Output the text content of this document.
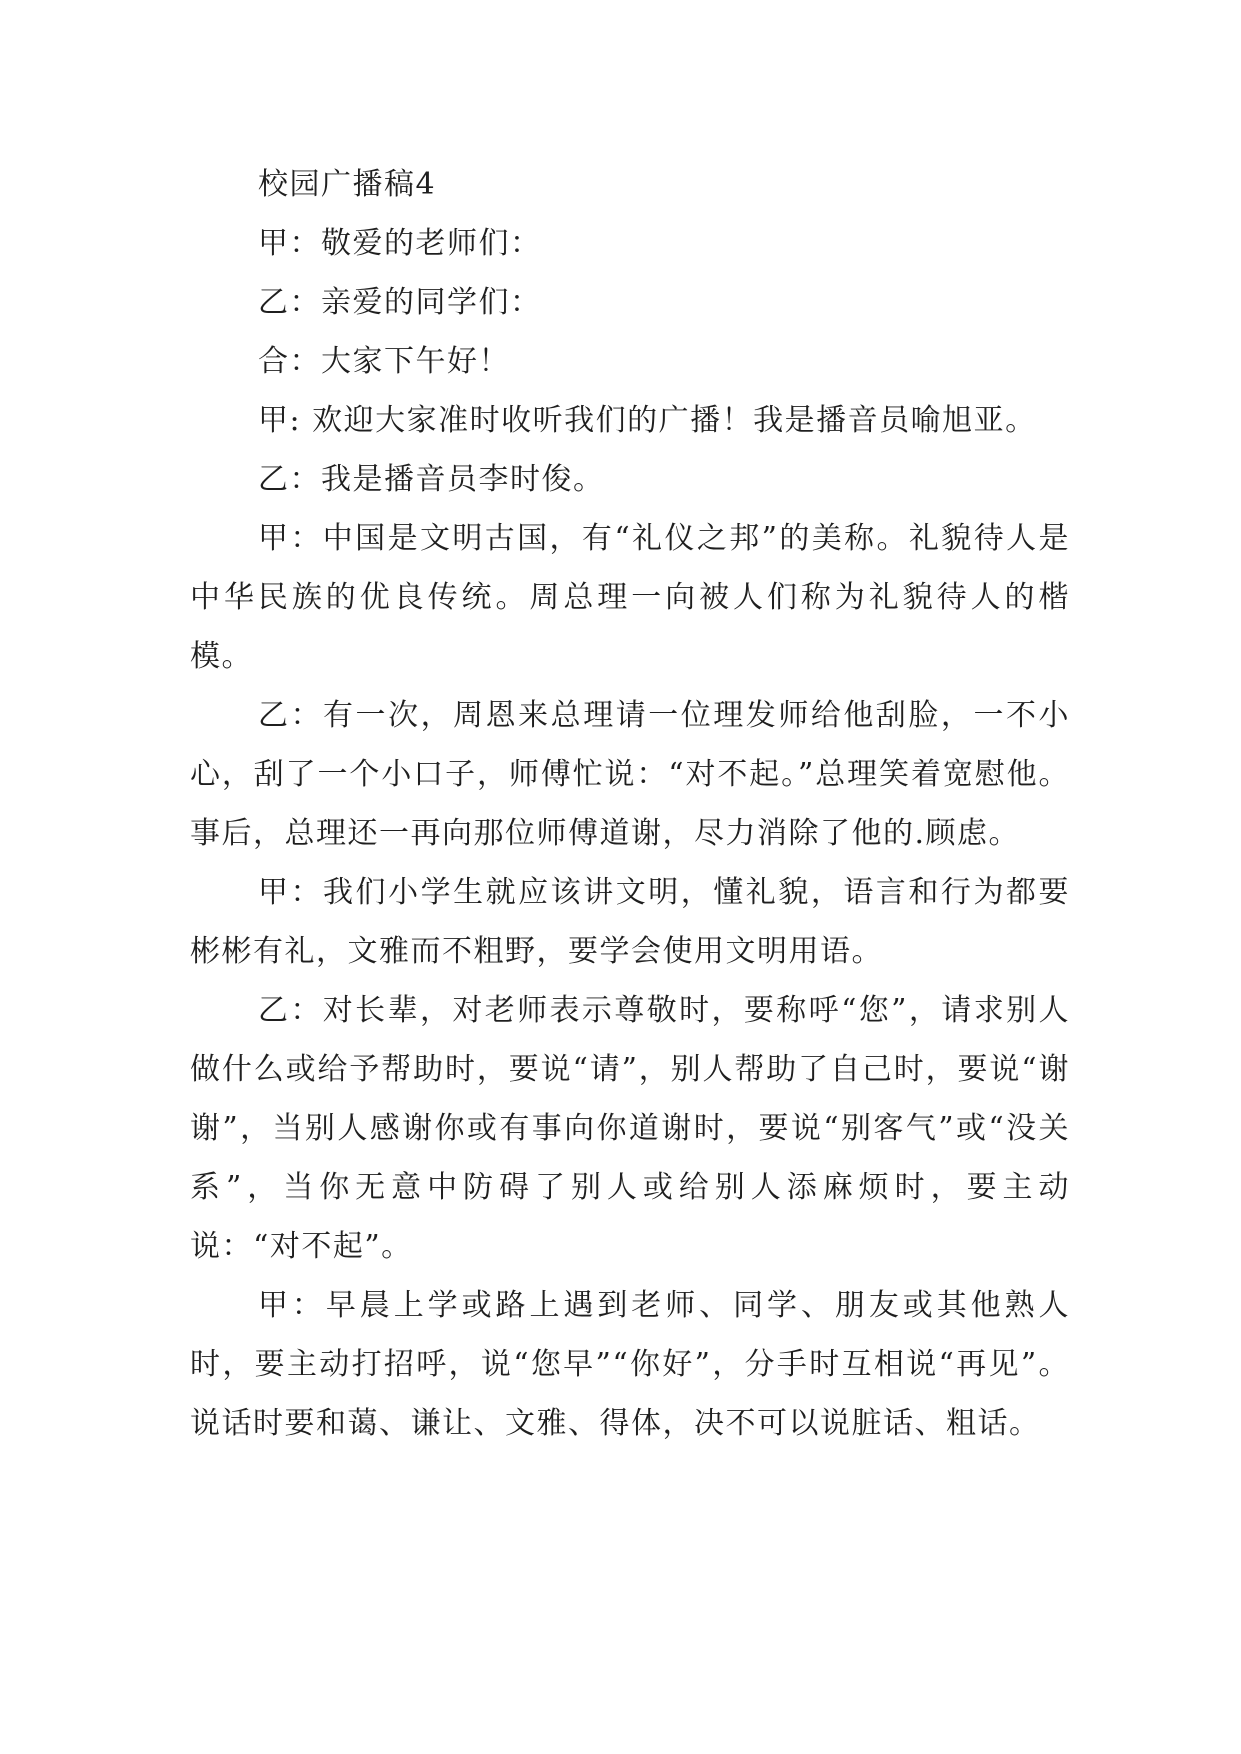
校园广播稿4

甲：敬爱的老师们：

乙：亲爱的同学们：

合：大家下午好！

甲: 欢迎大家准时收听我们的广播！我是播音员喻旭亚。

乙：我是播音员李时俊。

甲：中国是文明古国，有“礼仪之邦”的美称。礼貌待人是中华民族的优良传统。周总理一向被人们称为礼貌待人的楷模。

乙：有一次，周恩来总理请一位理发师给他刮脸，一不小心，刮了一个小口子，师傅忙说：“对不起。”总理笑着宽慰他。事后，总理还一再向那位师傅道谢，尽力消除了他的.顾虑。

甲：我们小学生就应该讲文明，懂礼貌，语言和行为都要彬彬有礼，文雅而不粗野，要学会使用文明用语。

乙：对长辈，对老师表示尊敬时，要称呼“您”，请求别人做什么或给予帮助时，要说“请”，别人帮助了自己时，要说“谢谢”，当别人感谢你或有事向你道谢时，要说“别客气”或“没关系”，当你无意中防碍了别人或给别人添麻烦时，要主动说：“对不起”。

甲：早晨上学或路上遇到老师、同学、朋友或其他熟人时，要主动打招呼，说“您早”“你好”，分手时互相说“再见”。说话时要和蔼、谦让、文雅、得体，决不可以说脏话、粗话。
